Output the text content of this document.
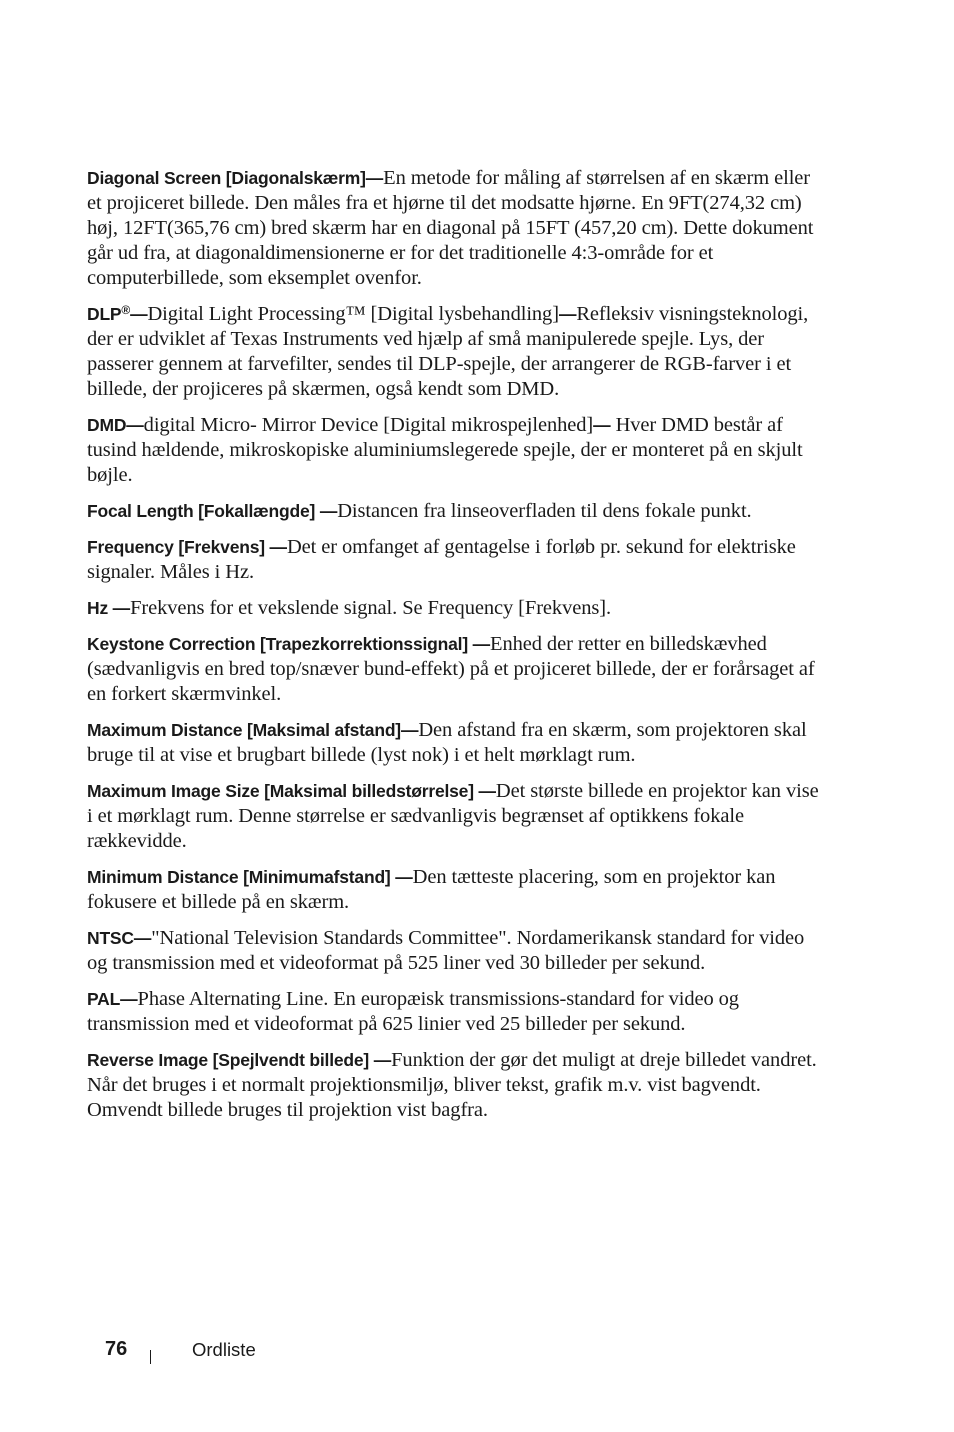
Diagonal Screen [Diagonalskærm]—En metode for måling af størrelsen af en skærm eller et projiceret billede. Den måles fra et hjørne til det modsatte hjørne. En 9FT(274,32 cm) høj, 12FT(365,76 cm) bred skærm har en diagonal på 15FT (457,20 cm). Dette dokument går ud fra, at diagonaldimensionerne er for det traditionelle 4:3-område for et computerbillede, som eksemplet ovenfor.

DLP®—Digital Light Processing™ [Digital lysbehandling]—Refleksiv visningsteknologi, der er udviklet af Texas Instruments ved hjælp af små manipulerede spejle. Lys, der passerer gennem at farvefilter, sendes til DLP-spejle, der arrangerer de RGB-farver i et billede, der projiceres på skærmen, også kendt som DMD.

DMD—digital Micro- Mirror Device [Digital mikrospejlenhed]— Hver DMD består af tusind hældende, mikroskopiske aluminiumslegerede spejle, der er monteret på en skjult bøjle.

Focal Length [Fokallængde] —Distancen fra linseoverfladen til dens fokale punkt.

Frequency [Frekvens] —Det er omfanget af gentagelse i forløb pr. sekund for elektriske signaler. Måles i Hz.

Hz —Frekvens for et vekslende signal. Se Frequency [Frekvens].

Keystone Correction [Trapezkorrektionssignal] —Enhed der retter en billedskævhed (sædvanligvis en bred top/snæver bund-effekt) på et projiceret billede, der er forårsaget af en forkert skærmvinkel.

Maximum Distance [Maksimal afstand]—Den afstand fra en skærm, som projektoren skal bruge til at vise et brugbart billede (lyst nok) i et helt mørklagt rum.

Maximum Image Size [Maksimal billedstørrelse] —Det største billede en projektor kan vise i et mørklagt rum. Denne størrelse er sædvanligvis begrænset af optikkens fokale rækkevidde.

Minimum Distance [Minimumafstand] —Den tætteste placering, som en projektor kan fokusere et billede på en skærm.

NTSC—"National Television Standards Committee". Nordamerikansk standard for video og transmission med et videoformat på 525 liner ved 30 billeder per sekund.

PAL—Phase Alternating Line. En europæisk transmissions-standard for video og transmission med et videoformat på 625 linier ved 25 billeder per sekund.

Reverse Image [Spejlvendt billede] —Funktion der gør det muligt at dreje billedet vandret. Når det bruges i et normalt projektionsmiljø, bliver tekst, grafik m.v. vist bagvendt. Omvendt billede bruges til projektion vist bagfra.

76	Ordliste
